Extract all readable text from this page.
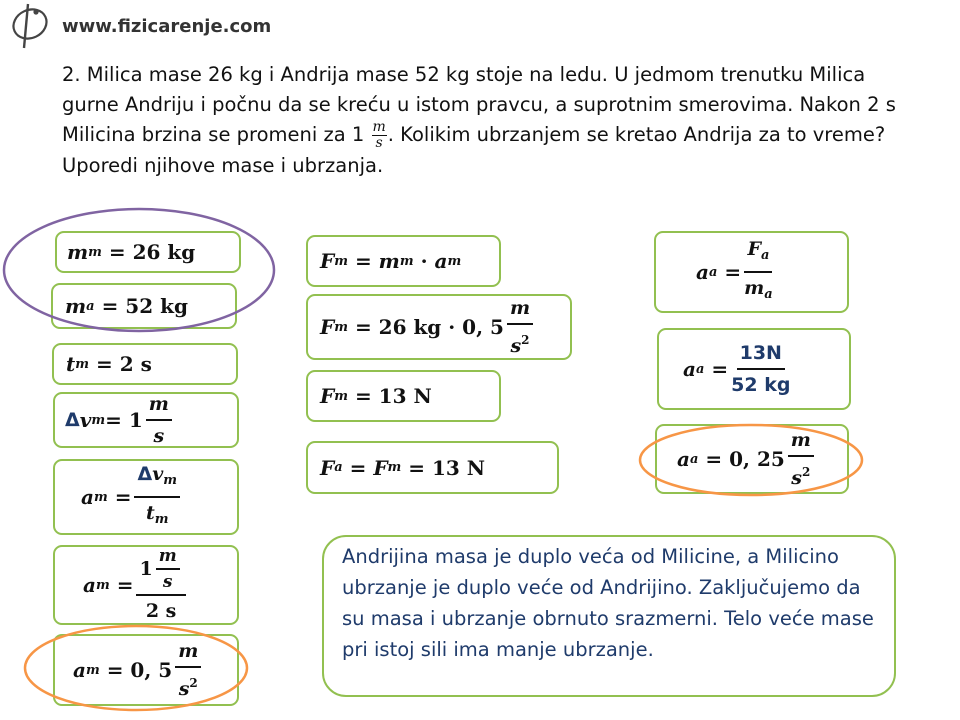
www.fizicarenje.com
2. Milica mase 26 kg i Andrija mase 52 kg stoje na ledu. U jedmom trenutku Milica gurne Andriju i počnu da se kreću u istom pravcu, a suprotnim smerovima. Nakon 2 s Milicina brzina se promeni za $1 \frac{m}{s}$ . Kolikim ubrzanjem se kretao Andrija za to vreme? Uporedi njihove mase i ubrzanja.
m m
= 26 kg
m a
= 52 kg
t m
= 2 s
Δ v $m = 1 \frac{m}{s}$
a m
= $\frac{\Delta v_m}{t_m}$
a m
= $\frac{1 \frac{m}{s}}{2 s}$
a m
= 0, $5 \frac{m}{s^2}$
F m
=
m m
·
a m
F m
= 26 kg · 0, $5 \frac{m}{s^2}$
F m
= 13 N
F a
=
F m
= 13 N
a a
= $\frac{F_a}{m_a}$
a a
= $\frac{13N}{52 kg}$
a a
= 0, $25 \frac{m}{s^2}$
Andrijina masa je duplo veća od Milicine, a Milicino ubrzanje je duplo veće od Andrijino. Zaključujemo da su masa i ubrzanje obrnuto srazmerni. Telo veće mase pri istoj sili ima manje ubrzanje.
